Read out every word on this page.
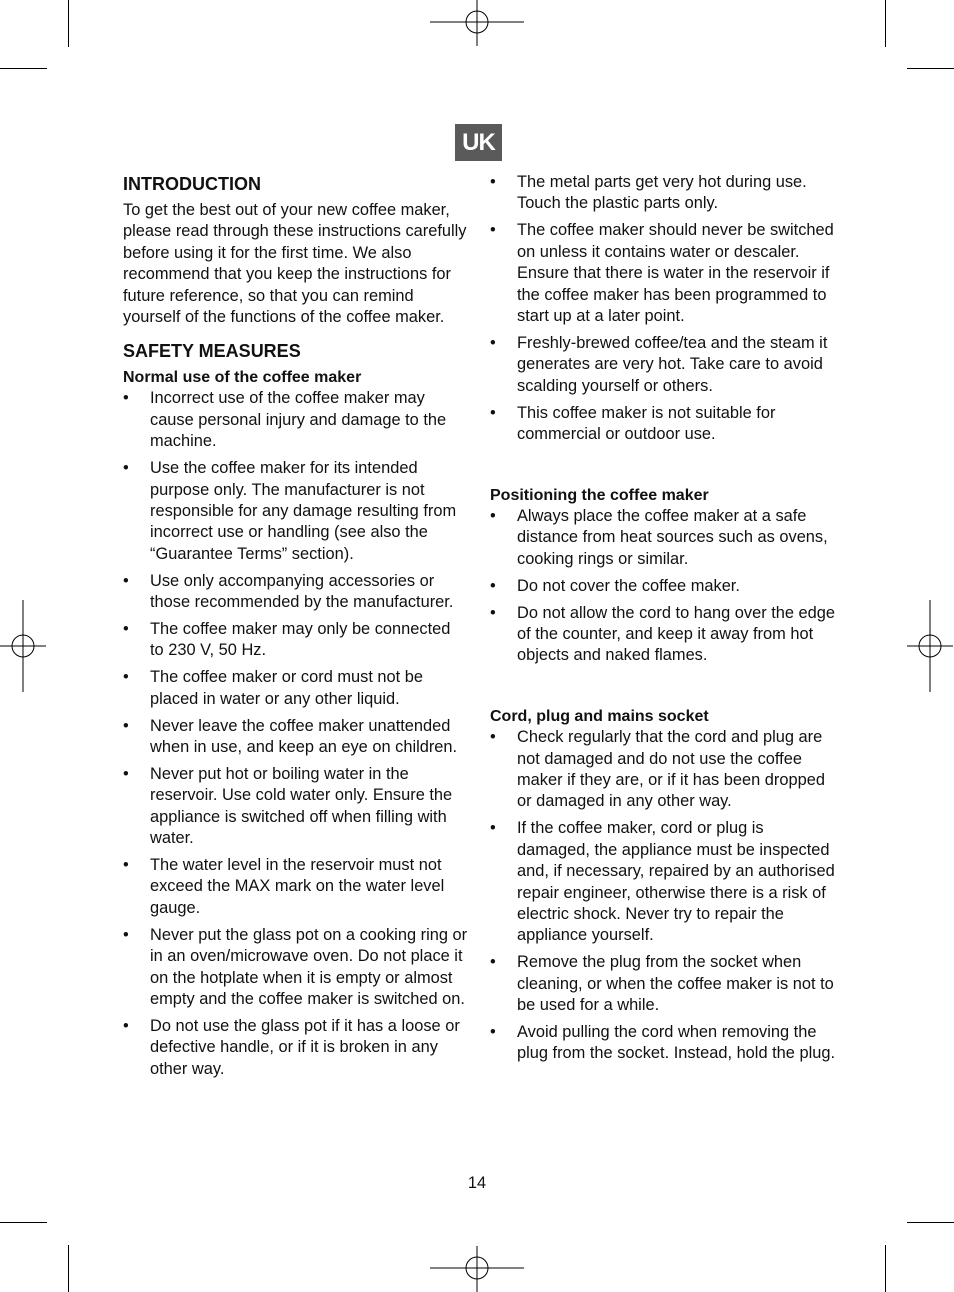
UK
INTRODUCTION

To get the best out of your new coffee maker, please read through these instructions carefully before using it for the first time. We also recommend that you keep the instructions for future reference, so that you can remind yourself of the functions of the coffee maker.

SAFETY MEASURES
Normal use of the coffee maker
• Incorrect use of the coffee maker may cause personal injury and damage to the machine.
• Use the coffee maker for its intended purpose only. The manufacturer is not responsible for any damage resulting from incorrect use or handling (see also the “Guarantee Terms” section).
• Use only accompanying accessories or those recommended by the manufacturer.
• The coffee maker may only be connected to 230 V, 50 Hz.
• The coffee maker or cord must not be placed in water or any other liquid.
• Never leave the coffee maker unattended when in use, and keep an eye on children.
• Never put hot or boiling water in the reservoir. Use cold water only. Ensure the appliance is switched off when filling with water.
• The water level in the reservoir must not exceed the MAX mark on the water level gauge.
• Never put the glass pot on a cooking ring or in an oven/microwave oven. Do not place it on the hotplate when it is empty or almost empty and the coffee maker is switched on.
• Do not use the glass pot if it has a loose or defective handle, or if it is broken in any other way.
• The metal parts get very hot during use. Touch the plastic parts only.
• The coffee maker should never be switched on unless it contains water or descaler. Ensure that there is water in the reservoir if the coffee maker has been programmed to start up at a later point.
• Freshly-brewed coffee/tea and the steam it generates are very hot. Take care to avoid scalding yourself or others.
• This coffee maker is not suitable for commercial or outdoor use.
Positioning the coffee maker
• Always place the coffee maker at a safe distance from heat sources such as ovens, cooking rings or similar.
• Do not cover the coffee maker.
• Do not allow the cord to hang over the edge of the counter, and keep it away from hot objects and naked flames.
Cord, plug and mains socket
• Check regularly that the cord and plug are not damaged and do not use the coffee maker if they are, or if it has been dropped or damaged in any other way.
• If the coffee maker, cord or plug is damaged, the appliance must be inspected and, if necessary, repaired by an authorised repair engineer, otherwise there is a risk of electric shock. Never try to repair the appliance yourself.
• Remove the plug from the socket when cleaning, or when the coffee maker is not to be used for a while.
• Avoid pulling the cord when removing the plug from the socket. Instead, hold the plug.
14
